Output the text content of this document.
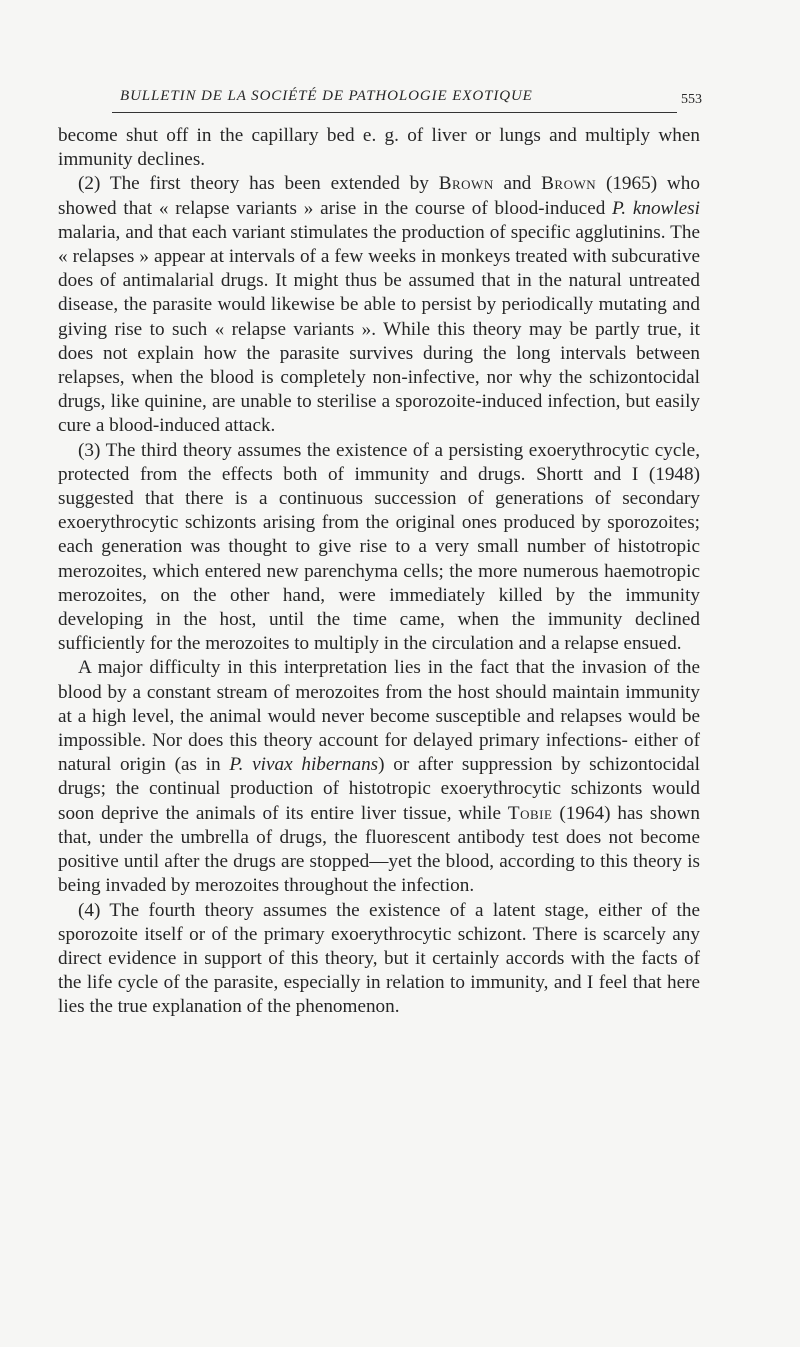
BULLETIN DE LA SOCIÉTÉ DE PATHOLOGIE EXOTIQUE	553

become shut off in the capillary bed e. g. of liver or lungs and multiply when immunity declines.

(2) The first theory has been extended by Brown and Brown (1965) who showed that « relapse variants » arise in the course of blood-induced P. knowlesi malaria, and that each variant stimulates the production of specific agglutinins. The « relapses » appear at intervals of a few weeks in monkeys treated with subcurative does of antimalarial drugs. It might thus be assumed that in the natural untreated disease, the parasite would likewise be able to persist by periodically mutating and giving rise to such « relapse variants ». While this theory may be partly true, it does not explain how the parasite survives during the long intervals between relapses, when the blood is completely non-infective, nor why the schizontocidal drugs, like quinine, are unable to sterilise a sporozoite-induced infection, but easily cure a blood-induced attack.

(3) The third theory assumes the existence of a persisting exoerythrocytic cycle, protected from the effects both of immunity and drugs. Shortt and I (1948) suggested that there is a continuous succession of generations of secondary exoerythrocytic schizonts arising from the original ones produced by sporozoites; each generation was thought to give rise to a very small number of histotropic merozoites, which entered new parenchyma cells; the more numerous haemotropic merozoites, on the other hand, were immediately killed by the immunity developing in the host, until the time came, when the immunity declined sufficiently for the merozoites to multiply in the circulation and a relapse ensued.

A major difficulty in this interpretation lies in the fact that the invasion of the blood by a constant stream of merozoites from the host should maintain immunity at a high level, the animal would never become susceptible and relapses would be impossible. Nor does this theory account for delayed primary infections- either of natural origin (as in P. vivax hibernans) or after suppression by schizontocidal drugs; the continual production of histotropic exoerythrocytic schizonts would soon deprive the animals of its entire liver tissue, while Tobie (1964) has shown that, under the umbrella of drugs, the fluorescent antibody test does not become positive until after the drugs are stopped—yet the blood, according to this theory is being invaded by merozoites throughout the infection.

(4) The fourth theory assumes the existence of a latent stage, either of the sporozoite itself or of the primary exoerythrocytic schizont. There is scarcely any direct evidence in support of this theory, but it certainly accords with the facts of the life cycle of the parasite, especially in relation to immunity, and I feel that here lies the true explanation of the phenomenon.
